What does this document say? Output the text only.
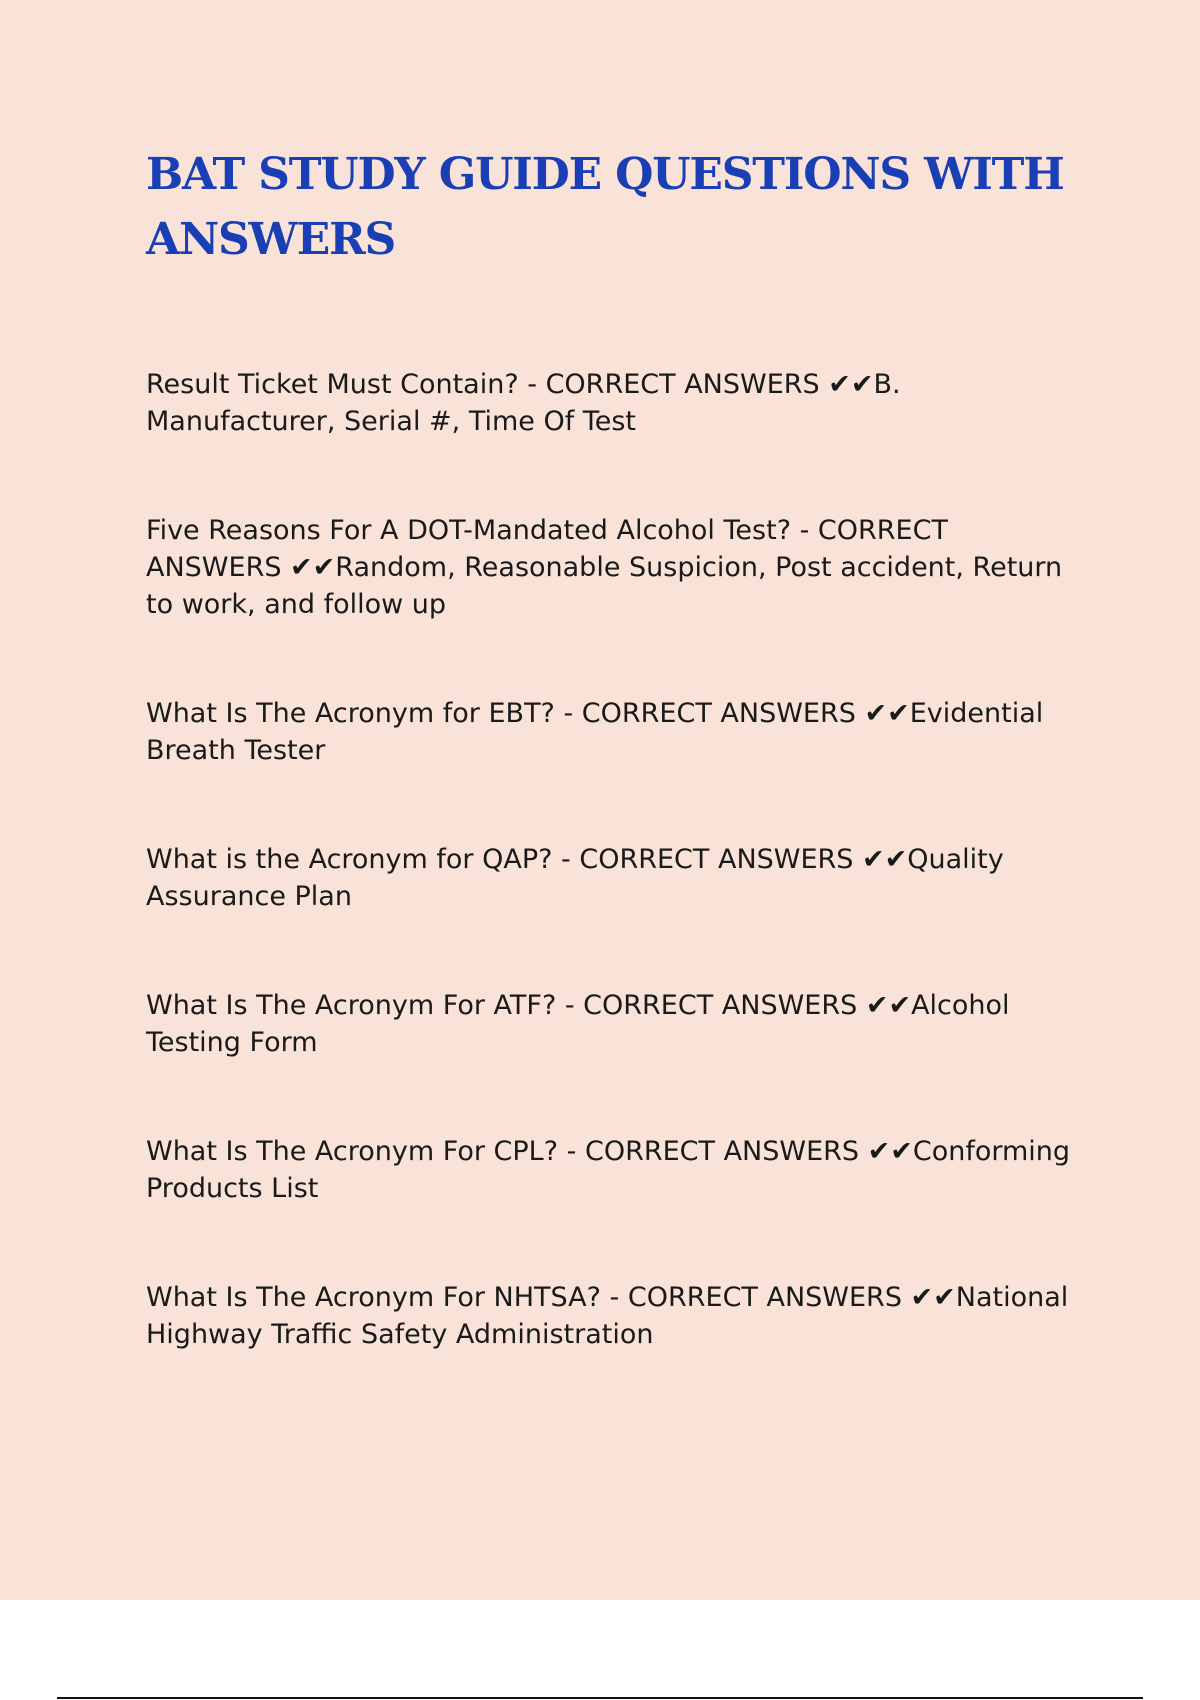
BAT STUDY GUIDE QUESTIONS WITH ANSWERS

Result Ticket Must Contain? - CORRECT ANSWERS ✔✔B. Manufacturer, Serial #, Time Of Test

Five Reasons For A DOT-Mandated Alcohol Test? - CORRECT ANSWERS ✔✔Random, Reasonable Suspicion, Post accident, Return to work, and follow up

What Is The Acronym for EBT? - CORRECT ANSWERS ✔✔Evidential Breath Tester

What is the Acronym for QAP? - CORRECT ANSWERS ✔✔Quality Assurance Plan

What Is The Acronym For ATF? - CORRECT ANSWERS ✔✔Alcohol Testing Form

What Is The Acronym For CPL? - CORRECT ANSWERS ✔✔Conforming Products List

What Is The Acronym For NHTSA? - CORRECT ANSWERS ✔✔National Highway Traffic Safety Administration
